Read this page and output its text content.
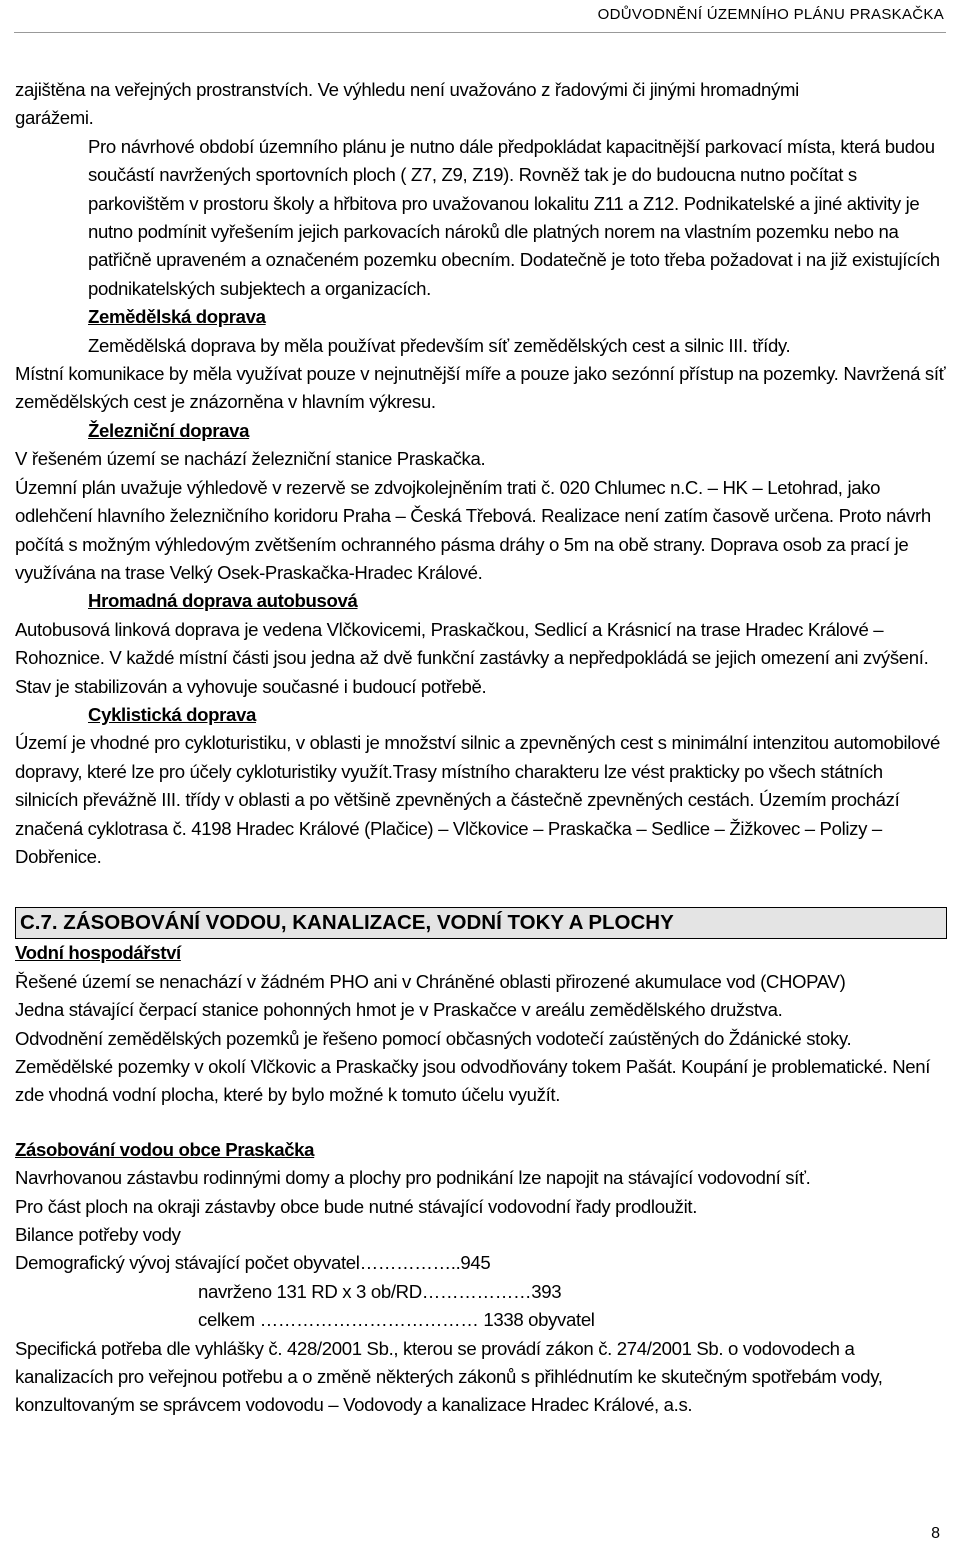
ODŮVODNĚNÍ ÚZEMNÍHO PLÁNU PRASKAČKA

zajištěna na veřejných prostranstvích. Ve výhledu není uvažováno z řadovými či jinými hromadnými

garážemi.

Pro návrhové období územního plánu je nutno dále předpokládat kapacitnější parkovací místa, která budou součástí navržených sportovních ploch ( Z7, Z9, Z19). Rovněž tak je do budoucna nutno počítat s parkovištěm v prostoru školy a hřbitova pro uvažovanou lokalitu Z11 a Z12. Podnikatelské a jiné aktivity je nutno podmínit vyřešením jejich parkovacích nároků dle platných norem na vlastním pozemku nebo na patřičně upraveném a označeném pozemku obecním. Dodatečně je toto třeba požadovat i na již existujících podnikatelských subjektech a organizacích.

Zemědělská doprava

Zemědělská doprava by měla používat především síť zemědělských cest a silnic III. třídy.

Místní komunikace by měla využívat pouze v nejnutnější míře a pouze jako sezónní přístup na pozemky. Navržená síť zemědělských cest je znázorněna v hlavním výkresu.

Železniční doprava

V řešeném území se nachází železniční stanice Praskačka.

Územní plán uvažuje výhledově v rezervě se zdvojkolejněním trati č. 020 Chlumec n.C. – HK – Letohrad, jako odlehčení hlavního železničního koridoru Praha – Česká Třebová. Realizace není zatím časově určena. Proto návrh počítá s možným výhledovým zvětšením ochranného pásma dráhy o 5m na obě strany. Doprava osob za prací je využívána na trase Velký Osek-Praskačka-Hradec Králové.

Hromadná doprava autobusová

Autobusová linková doprava je vedena Vlčkovicemi, Praskačkou, Sedlicí a Krásnicí na trase Hradec Králové – Rohoznice. V každé místní části jsou jedna až dvě funkční zastávky a nepředpokládá se jejich omezení ani zvýšení. Stav je stabilizován a vyhovuje současné i budoucí potřebě.

Cyklistická doprava

Území je vhodné pro cykloturistiku, v oblasti je množství silnic a zpevněných cest s minimální intenzitou automobilové dopravy, které lze pro účely cykloturistiky využít.Trasy místního charakteru lze vést prakticky po všech státních silnicích převážně III. třídy v oblasti a po většině zpevněných a částečně zpevněných cestách. Územím prochází značená cyklotrasa č. 4198 Hradec Králové (Plačice) – Vlčkovice – Praskačka – Sedlice – Žižkovec – Polizy – Dobřenice.

C.7. ZÁSOBOVÁNÍ VODOU, KANALIZACE, VODNÍ TOKY A PLOCHY

Vodní hospodářství

Řešené území se nenachází v žádném PHO ani v Chráněné oblasti přirozené akumulace vod (CHOPAV)

Jedna stávající čerpací stanice pohonných hmot je v Praskačce v areálu zemědělského družstva.

Odvodnění zemědělských pozemků je řešeno pomocí občasných vodotečí zaústěných do Ždánické stoky. Zemědělské pozemky v okolí Vlčkovic a Praskačky jsou odvodňovány tokem Pašát. Koupání je problematické. Není zde vhodná vodní plocha, které by bylo možné k tomuto účelu využít.

Zásobování vodou obce Praskačka

Navrhovanou zástavbu rodinnými domy a plochy pro podnikání lze napojit na stávající vodovodní síť.

Pro část ploch na okraji zástavby obce bude nutné stávající vodovodní řady prodloužit.

Bilance potřeby vody

Demografický vývoj stávající počet obyvatel……………..945

navrženo 131 RD x 3 ob/RD………………393

celkem ……………………………… 1338 obyvatel

Specifická potřeba dle vyhlášky č. 428/2001 Sb., kterou se provádí zákon č. 274/2001 Sb. o vodovodech a kanalizacích pro veřejnou potřebu a o změně některých zákonů s přihlédnutím ke skutečným spotřebám vody, konzultovaným se správcem vodovodu – Vodovody a kanalizace Hradec Králové, a.s.

8
